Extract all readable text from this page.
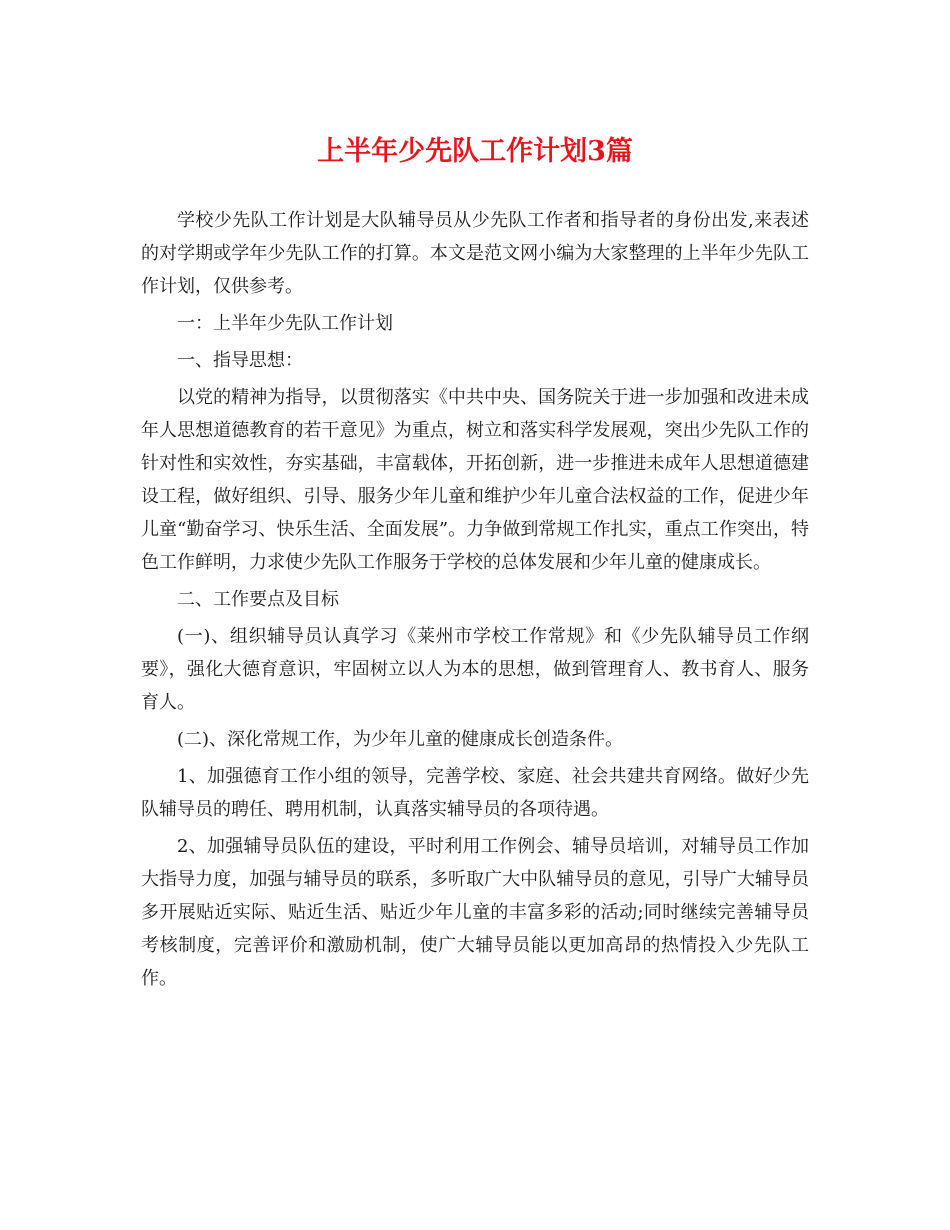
上半年少先队工作计划3篇

学校少先队工作计划是大队辅导员从少先队工作者和指导者的身份出发,来表述的对学期或学年少先队工作的打算。本文是范文网小编为大家整理的上半年少先队工作计划，仅供参考。

一：上半年少先队工作计划

一、指导思想：

以党的精神为指导，以贯彻落实《中共中央、国务院关于进一步加强和改进未成年人思想道德教育的若干意见》为重点，树立和落实科学发展观，突出少先队工作的针对性和实效性，夯实基础，丰富载体，开拓创新，进一步推进未成年人思想道德建设工程，做好组织、引导、服务少年儿童和维护少年儿童合法权益的工作，促进少年儿童“勤奋学习、快乐生活、全面发展”。力争做到常规工作扎实，重点工作突出，特色工作鲜明，力求使少先队工作服务于学校的总体发展和少年儿童的健康成长。

二、工作要点及目标

(一)、组织辅导员认真学习《莱州市学校工作常规》和《少先队辅导员工作纲要》，强化大德育意识，牢固树立以人为本的思想，做到管理育人、教书育人、服务育人。

(二)、深化常规工作，为少年儿童的健康成长创造条件。

1、加强德育工作小组的领导，完善学校、家庭、社会共建共育网络。做好少先队辅导员的聘任、聘用机制，认真落实辅导员的各项待遇。

2、加强辅导员队伍的建设，平时利用工作例会、辅导员培训，对辅导员工作加大指导力度，加强与辅导员的联系，多听取广大中队辅导员的意见，引导广大辅导员多开展贴近实际、贴近生活、贴近少年儿童的丰富多彩的活动;同时继续完善辅导员考核制度，完善评价和激励机制，使广大辅导员能以更加高昂的热情投入少先队工作。
